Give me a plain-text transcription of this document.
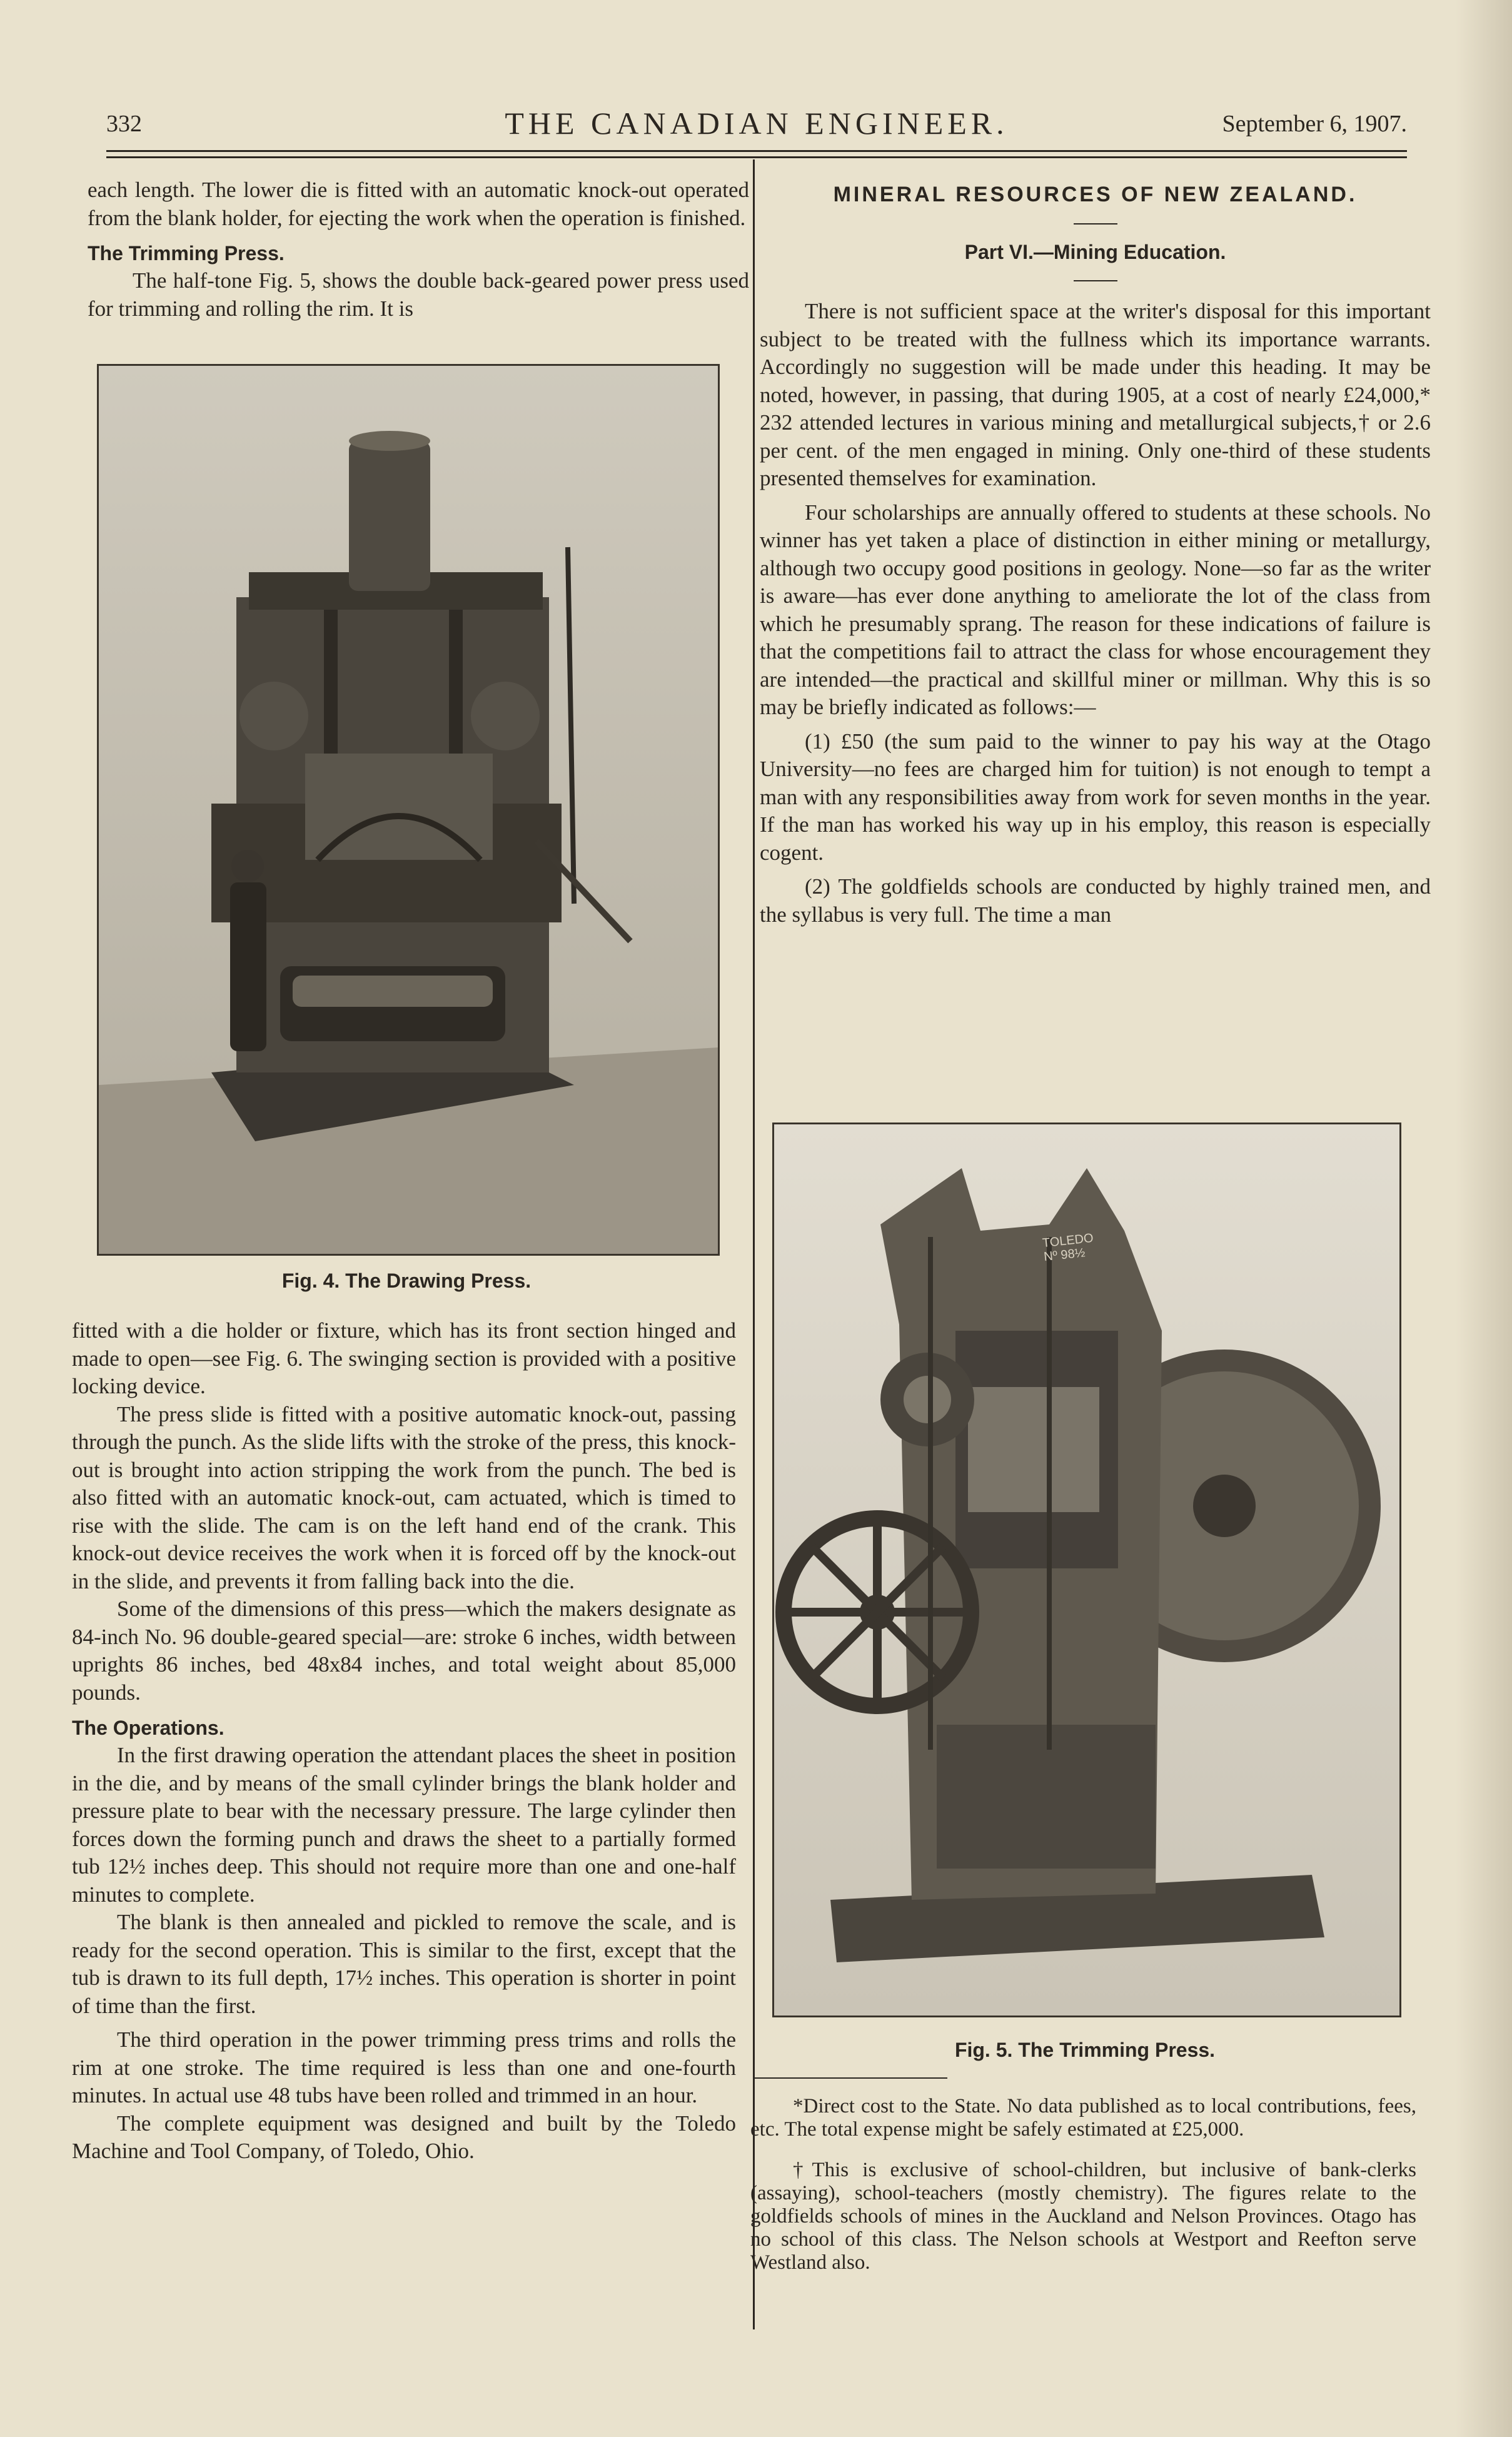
THE CANADIAN ENGINEER.
332	September 6, 1907.

each length. The lower die is fitted with an automatic knock-out operated from the blank holder, for ejecting the work when the operation is finished.

The Trimming Press.

The half-tone Fig. 5, shows the double back-geared power press used for trimming and rolling the rim. It is

Fig. 4. The Drawing Press.

fitted with a die holder or fixture, which has its front section hinged and made to open—see Fig. 6. The swinging section is provided with a positive locking device.

The press slide is fitted with a positive automatic knock-out, passing through the punch. As the slide lifts with the stroke of the press, this knock-out is brought into action stripping the work from the punch. The bed is also fitted with an automatic knock-out, cam actuated, which is timed to rise with the slide. The cam is on the left hand end of the crank. This knock-out device receives the work when it is forced off by the knock-out in the slide, and prevents it from falling back into the die.

Some of the dimensions of this press—which the makers designate as 84-inch No. 96 double-geared special—are: stroke 6 inches, width between uprights 86 inches, bed 48x84 inches, and total weight about 85,000 pounds.

The Operations.

In the first drawing operation the attendant places the sheet in position in the die, and by means of the small cylinder brings the blank holder and pressure plate to bear with the necessary pressure. The large cylinder then forces down the forming punch and draws the sheet to a partially formed tub 12½ inches deep. This should not require more than one and one-half minutes to complete.

The blank is then annealed and pickled to remove the scale, and is ready for the second operation. This is similar to the first, except that the tub is drawn to its full depth, 17½ inches. This operation is shorter in point of time than the first.

The third operation in the power trimming press trims and rolls the rim at one stroke. The time required is less than one and one-fourth minutes. In actual use 48 tubs have been rolled and trimmed in an hour.

The complete equipment was designed and built by the Toledo Machine and Tool Company, of Toledo, Ohio.

MINERAL RESOURCES OF NEW ZEALAND.
Part VI.—Mining Education.

There is not sufficient space at the writer's disposal for this important subject to be treated with the fullness which its importance warrants. Accordingly no suggestion will be made under this heading. It may be noted, however, in passing, that during 1905, at a cost of nearly £24,000,* 232 attended lectures in various mining and metallurgical subjects,† or 2.6 per cent. of the men engaged in mining. Only one-third of these students presented themselves for examination.

Four scholarships are annually offered to students at these schools. No winner has yet taken a place of distinction in either mining or metallurgy, although two occupy good positions in geology. None—so far as the writer is aware—has ever done anything to ameliorate the lot of the class from which he presumably sprang. The reason for these indications of failure is that the competitions fail to attract the class for whose encouragement they are intended—the practical and skillful miner or millman. Why this is so may be briefly indicated as follows:—

(1) £50 (the sum paid to the winner to pay his way at the Otago University—no fees are charged him for tuition) is not enough to tempt a man with any responsibilities away from work for seven months in the year. If the man has worked his way up in his employ, this reason is especially cogent.

(2) The goldfields schools are conducted by highly trained men, and the syllabus is very full. The time a man

TOLEDO
Nº 98½
Fig. 5. The Trimming Press.

*Direct cost to the State. No data published as to local contributions, fees, etc. The total expense might be safely estimated at £25,000.

†This is exclusive of school-children, but inclusive of bank-clerks (assaying), school-teachers (mostly chemistry). The figures relate to the goldfields schools of mines in the Auckland and Nelson Provinces. Otago has no school of this class. The Nelson schools at Westport and Reefton serve Westland also.
